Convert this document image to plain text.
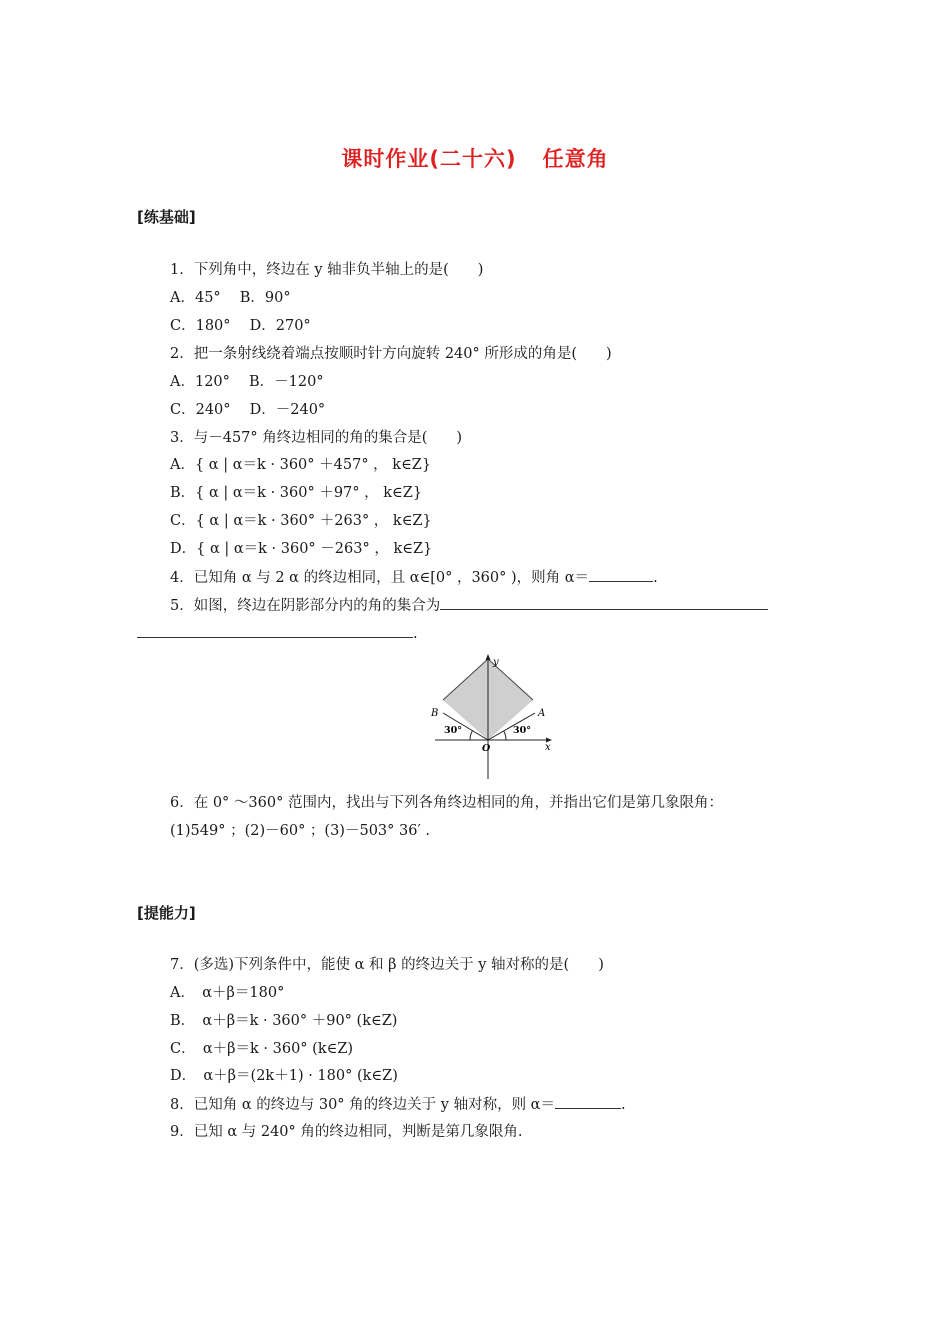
课时作业(二十六) 任意角
[练基础]
1．下列角中，终边在 y 轴非负半轴上的是(　　)
A．45°　 B．90°
C．180°　 D．270°
2．把一条射线绕着端点按顺时针方向旋转 240° 所形成的角是(　　)
A．120°　 B．－120°
C．240°　 D．－240°
3．与－457° 角终边相同的角的集合是(　　)
A．{ α | α＝k · 360° ＋457° ， k∈Z}
B．{ α | α＝k · 360° ＋97° ， k∈Z}
C．{ α | α＝k · 360° ＋263° ， k∈Z}
D．{ α | α＝k · 360° －263° ， k∈Z}
4．已知角 α 与 2 α 的终边相同，且 α∈[0° ，360° )，则角 α＝	.
5．如图，终边在阴影部分内的角的集合为
.
y
x
O
A
B
30°	30°
6．在 0° ～360° 范围内，找出与下列各角终边相同的角，并指出它们是第几象限角：
(1)549° ；(2)－60° ；(3)－503° 36′ .
[提能力]
7．(多选)下列条件中，能使 α 和 β 的终边关于 y 轴对称的是(　　)
A．　α＋β＝180°
B．　α＋β＝k · 360° ＋90° (k∈Z)
C．　α＋β＝k · 360° (k∈Z)
D．　α＋β＝(2k＋1) · 180° (k∈Z)
8．已知角 α 的终边与 30° 角的终边关于 y 轴对称，则 α＝	.
9．已知 α 与 240° 角的终边相同，判断是第几象限角.
